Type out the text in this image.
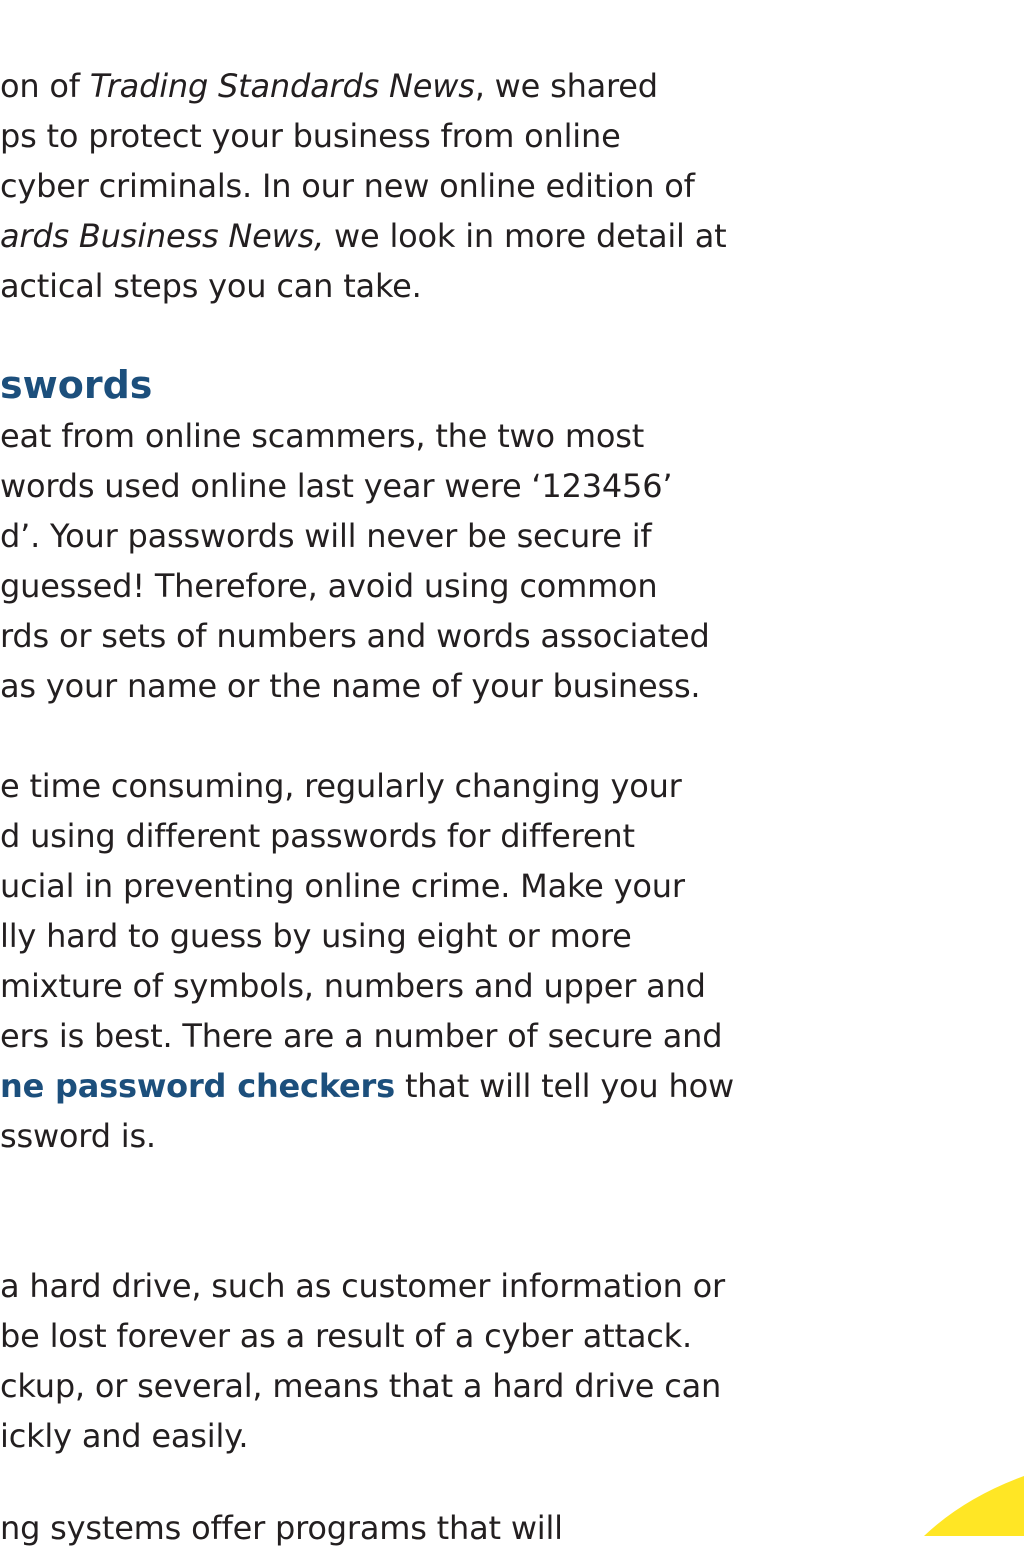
on of Trading Standards News, we shared
ps to protect your business from online
cyber criminals. In our new online edition of
ards Business News, we look in more detail at
actical steps you can take.
swords
eat from online scammers, the two most
words used online last year were ‘123456’
d’. Your passwords will never be secure if
guessed! Therefore, avoid using common
rds or sets of numbers and words associated
as your name or the name of your business.
e time consuming, regularly changing your
d using different passwords for different
ucial in preventing online crime. Make your
lly hard to guess by using eight or more
mixture of symbols, numbers and upper and
ers is best. There are a number of secure and
ne password checkers that will tell you how
ssword is.
a hard drive, such as customer information or
be lost forever as a result of a cyber attack.
ckup, or several, means that a hard drive can
ickly and easily.
ng systems offer programs that will
